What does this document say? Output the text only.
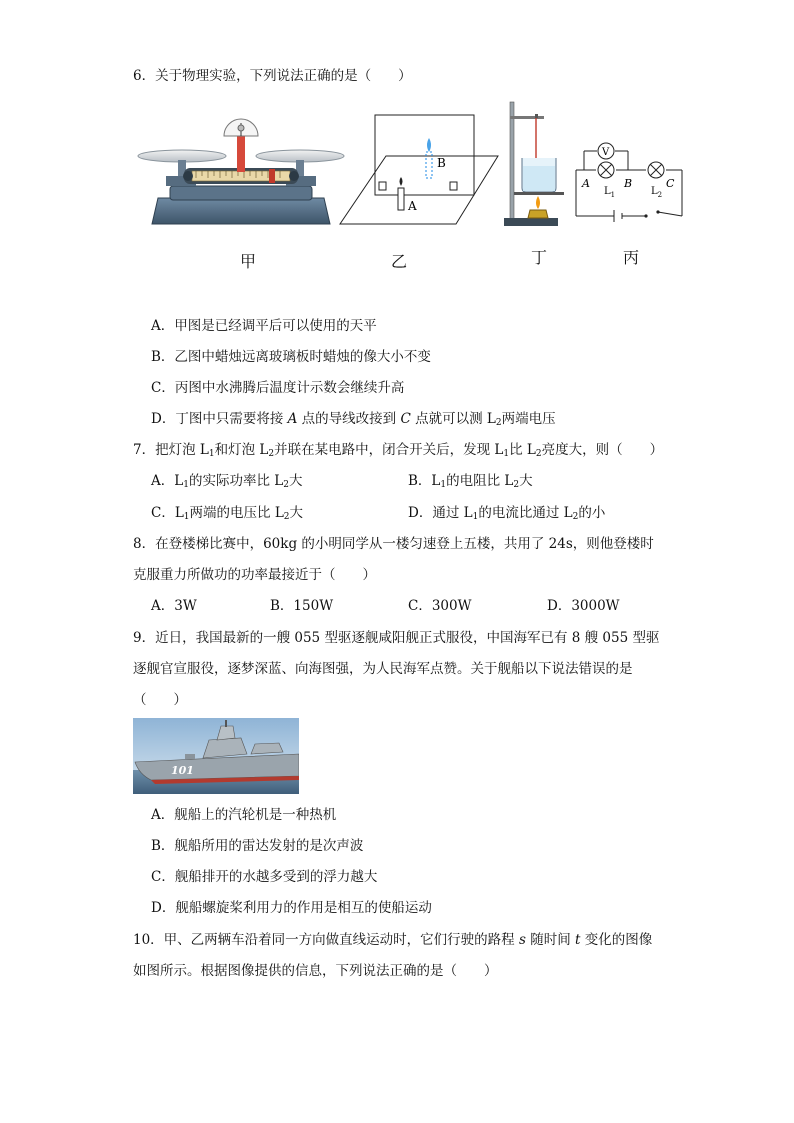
6．关于物理实验，下列说法正确的是（　　）
A
B
V
A	B	C
$L_1$	$L_2$
甲	乙	丁	丙
A．甲图是已经调平后可以使用的天平
B．乙图中蜡烛远离玻璃板时蜡烛的像大小不变
C．丙图中水沸腾后温度计示数会继续升高
D．丁图中只需要将接 A 点的导线改接到 C 点就可以测 $L_2$两端电压
7．把灯泡 $L_1$和灯泡 $L_2$并联在某电路中，闭合开关后，发现 $L_1$比 $L_2$亮度大，则（　　）
A．$L_1$的实际功率比 $L_2$大	B．$L_1$的电阻比 $L_2$大
C．$L_1$两端的电压比 $L_2$大	D．通过 $L_1$的电流比通过 $L_2$的小
8．在登楼梯比赛中，60kg 的小明同学从一楼匀速登上五楼，共用了 24s，则他登楼时
克服重力所做功的功率最接近于（　　）
A．3W	B．150W	C．300W	D．3000W
9．近日，我国最新的一艘 055 型驱逐舰咸阳舰正式服役，中国海军已有 8 艘 055 型驱
逐舰官宣服役，逐梦深蓝、向海图强，为人民海军点赞。关于舰船以下说法错误的是
（　　）
101
A．舰船上的汽轮机是一种热机
B．舰船所用的雷达发射的是次声波
C．舰船排开的水越多受到的浮力越大
D．舰船螺旋桨利用力的作用是相互的使船运动
10．甲、乙两辆车沿着同一方向做直线运动时，它们行驶的路程 s 随时间 t 变化的图像
如图所示。根据图像提供的信息，下列说法正确的是（　　）
